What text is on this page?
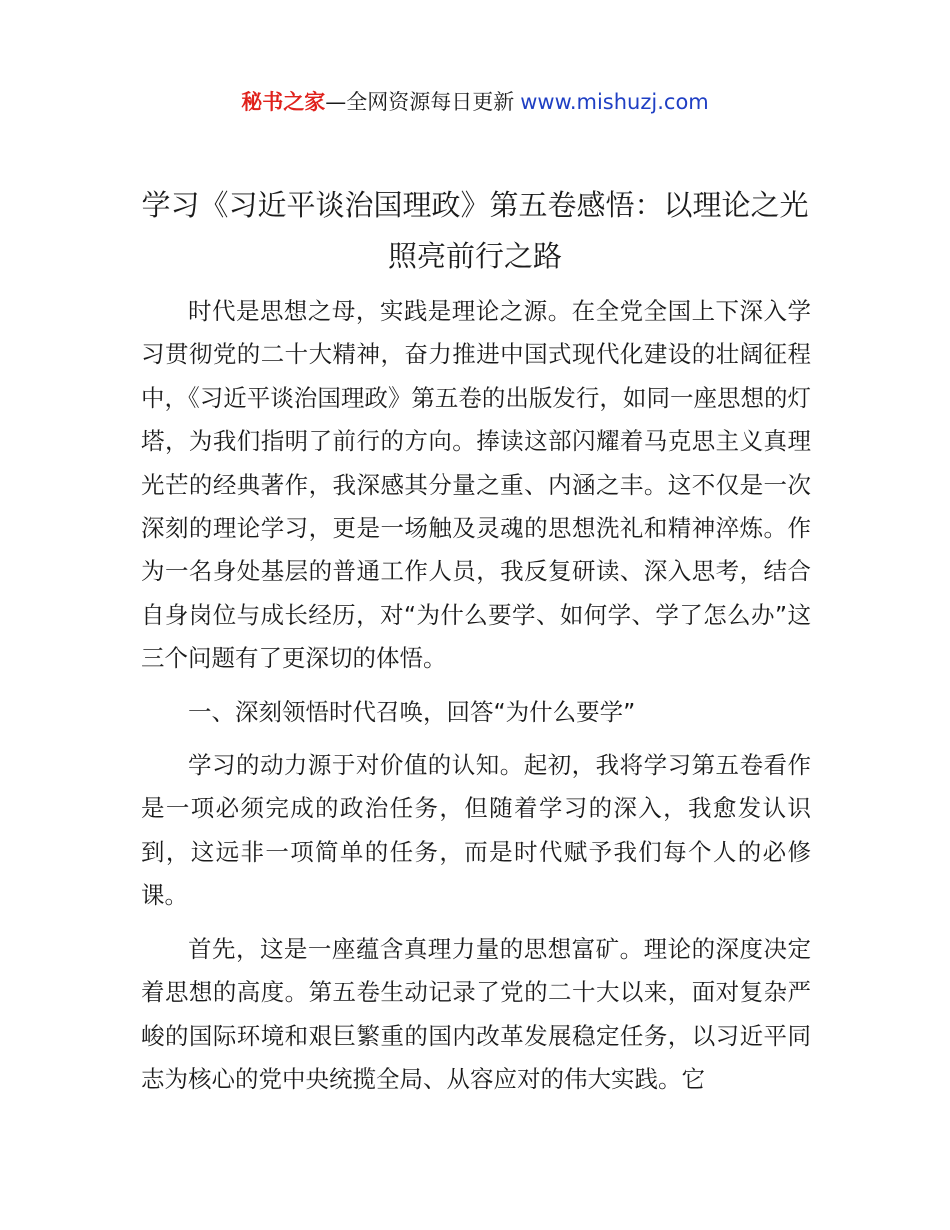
秘书之家—全网资源每日更新 www.mishuzj.com
学习《习近平谈治国理政》第五卷感悟：以理论之光照亮前行之路

时代是思想之母，实践是理论之源。在全党全国上下深入学习贯彻党的二十大精神，奋力推进中国式现代化建设的壮阔征程中，《习近平谈治国理政》第五卷的出版发行，如同一座思想的灯塔，为我们指明了前行的方向。捧读这部闪耀着马克思主义真理光芒的经典著作，我深感其分量之重、内涵之丰。这不仅是一次深刻的理论学习，更是一场触及灵魂的思想洗礼和精神淬炼。作为一名身处基层的普通工作人员，我反复研读、深入思考，结合自身岗位与成长经历，对“为什么要学、如何学、学了怎么办”这三个问题有了更深切的体悟。

一、深刻领悟时代召唤，回答“为什么要学”

学习的动力源于对价值的认知。起初，我将学习第五卷看作是一项必须完成的政治任务，但随着学习的深入，我愈发认识到，这远非一项简单的任务，而是时代赋予我们每个人的必修课。

首先，这是一座蕴含真理力量的思想富矿。理论的深度决定着思想的高度。第五卷生动记录了党的二十大以来，面对复杂严峻的国际环境和艰巨繁重的国内改革发展稳定任务，以习近平同志为核心的党中央统揽全局、从容应对的伟大实践。它
